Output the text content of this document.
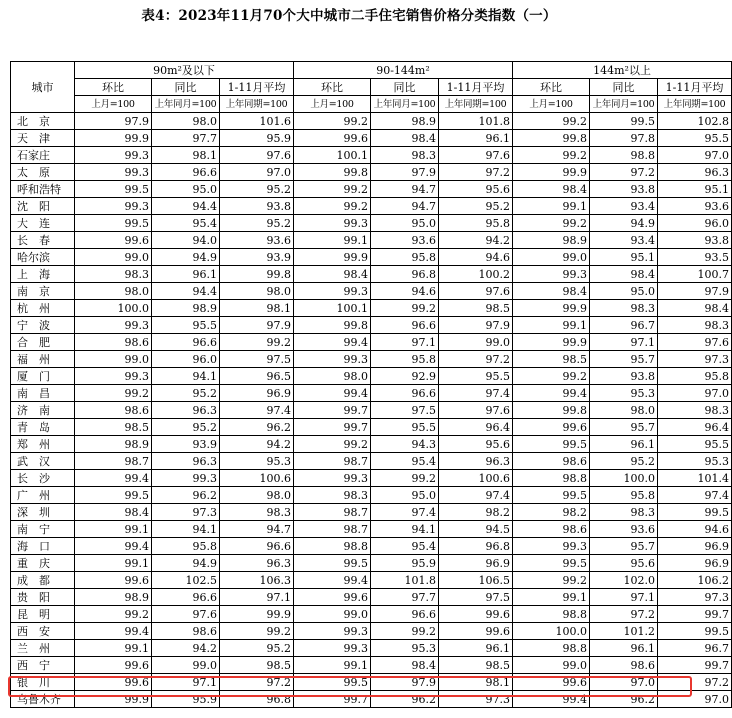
表4：2023年11月70个大中城市二手住宅销售价格分类指数（一）
城市	90m²及以下			90-144m²			144m²以上		
	环比	同比	1-11月平均	环比	同比	1-11月平均	环比	同比	1-11月平均
	上月=100	上年同月=100	上年同期=100	上月=100	上年同月=100	上年同期=100	上月=100	上年同月=100	上年同期=100
北　京	97.9	98.0	101.6	99.2	98.9	101.8	99.2	99.5	102.8
天　津	99.9	97.7	95.9	99.6	98.4	96.1	99.8	97.8	95.5
石家庄	99.3	98.1	97.6	100.1	98.3	97.6	99.2	98.8	97.0
太　原	99.3	96.6	97.0	99.8	97.9	97.2	99.9	97.2	96.3
呼和浩特	99.5	95.0	95.2	99.2	94.7	95.6	98.4	93.8	95.1
沈　阳	99.3	94.4	93.8	99.2	94.7	95.2	99.1	93.4	93.6
大　连	99.5	95.4	95.2	99.3	95.0	95.8	99.2	94.9	96.0
长　春	99.6	94.0	93.6	99.1	93.6	94.2	98.9	93.4	93.8
哈尔滨	99.0	94.9	93.9	99.9	95.8	94.6	99.0	95.1	93.5
上　海	98.3	96.1	99.8	98.4	96.8	100.2	99.3	98.4	100.7
南　京	98.0	94.4	98.0	99.3	94.6	97.6	98.4	95.0	97.9
杭　州	100.0	98.9	98.1	100.1	99.2	98.5	99.9	98.3	98.4
宁　波	99.3	95.5	97.9	99.8	96.6	97.9	99.1	96.7	98.3
合　肥	98.6	96.6	99.2	99.4	97.1	99.0	99.9	97.1	97.6
福　州	99.0	96.0	97.5	99.3	95.8	97.2	98.5	95.7	97.3
厦　门	99.3	94.1	96.5	98.0	92.9	95.5	99.2	93.8	95.8
南　昌	99.2	95.2	96.9	99.4	96.6	97.4	99.4	95.3	97.0
济　南	98.6	96.3	97.4	99.7	97.5	97.6	99.8	98.0	98.3
青　岛	98.5	95.2	96.2	99.7	95.5	96.4	99.6	95.7	96.4
郑　州	98.9	93.9	94.2	99.2	94.3	95.6	99.5	96.1	95.5
武　汉	98.7	96.3	95.3	98.7	95.4	96.3	98.6	95.2	95.3
长　沙	99.4	99.3	100.6	99.3	99.2	100.6	98.8	100.0	101.4
广　州	99.5	96.2	98.0	98.3	95.0	97.4	99.5	95.8	97.4
深　圳	98.4	97.3	98.3	98.7	97.4	98.2	98.2	98.3	99.5
南　宁	99.1	94.1	94.7	98.7	94.1	94.5	98.6	93.6	94.6
海　口	99.4	95.8	96.6	98.8	95.4	96.8	99.3	95.7	96.9
重　庆	99.1	94.9	96.3	99.5	95.9	96.9	99.5	95.6	96.9
成　都	99.6	102.5	106.3	99.4	101.8	106.5	99.2	102.0	106.2
贵　阳	98.9	96.6	97.1	99.6	97.7	97.5	99.1	97.1	97.3
昆　明	99.2	97.6	99.9	99.0	96.6	99.6	98.8	97.2	99.7
西　安	99.4	98.6	99.2	99.3	99.2	99.6	100.0	101.2	99.5
兰　州	99.1	94.2	95.2	99.3	95.3	96.1	98.8	96.1	96.7
西　宁	99.6	99.0	98.5	99.1	98.4	98.5	99.0	98.6	99.7
银　川	99.6	97.1	97.2	99.5	97.9	98.1	99.6	97.0	97.2
乌鲁木齐	99.9	95.9	96.8	99.7	96.2	97.3	99.4	96.2	97.0
